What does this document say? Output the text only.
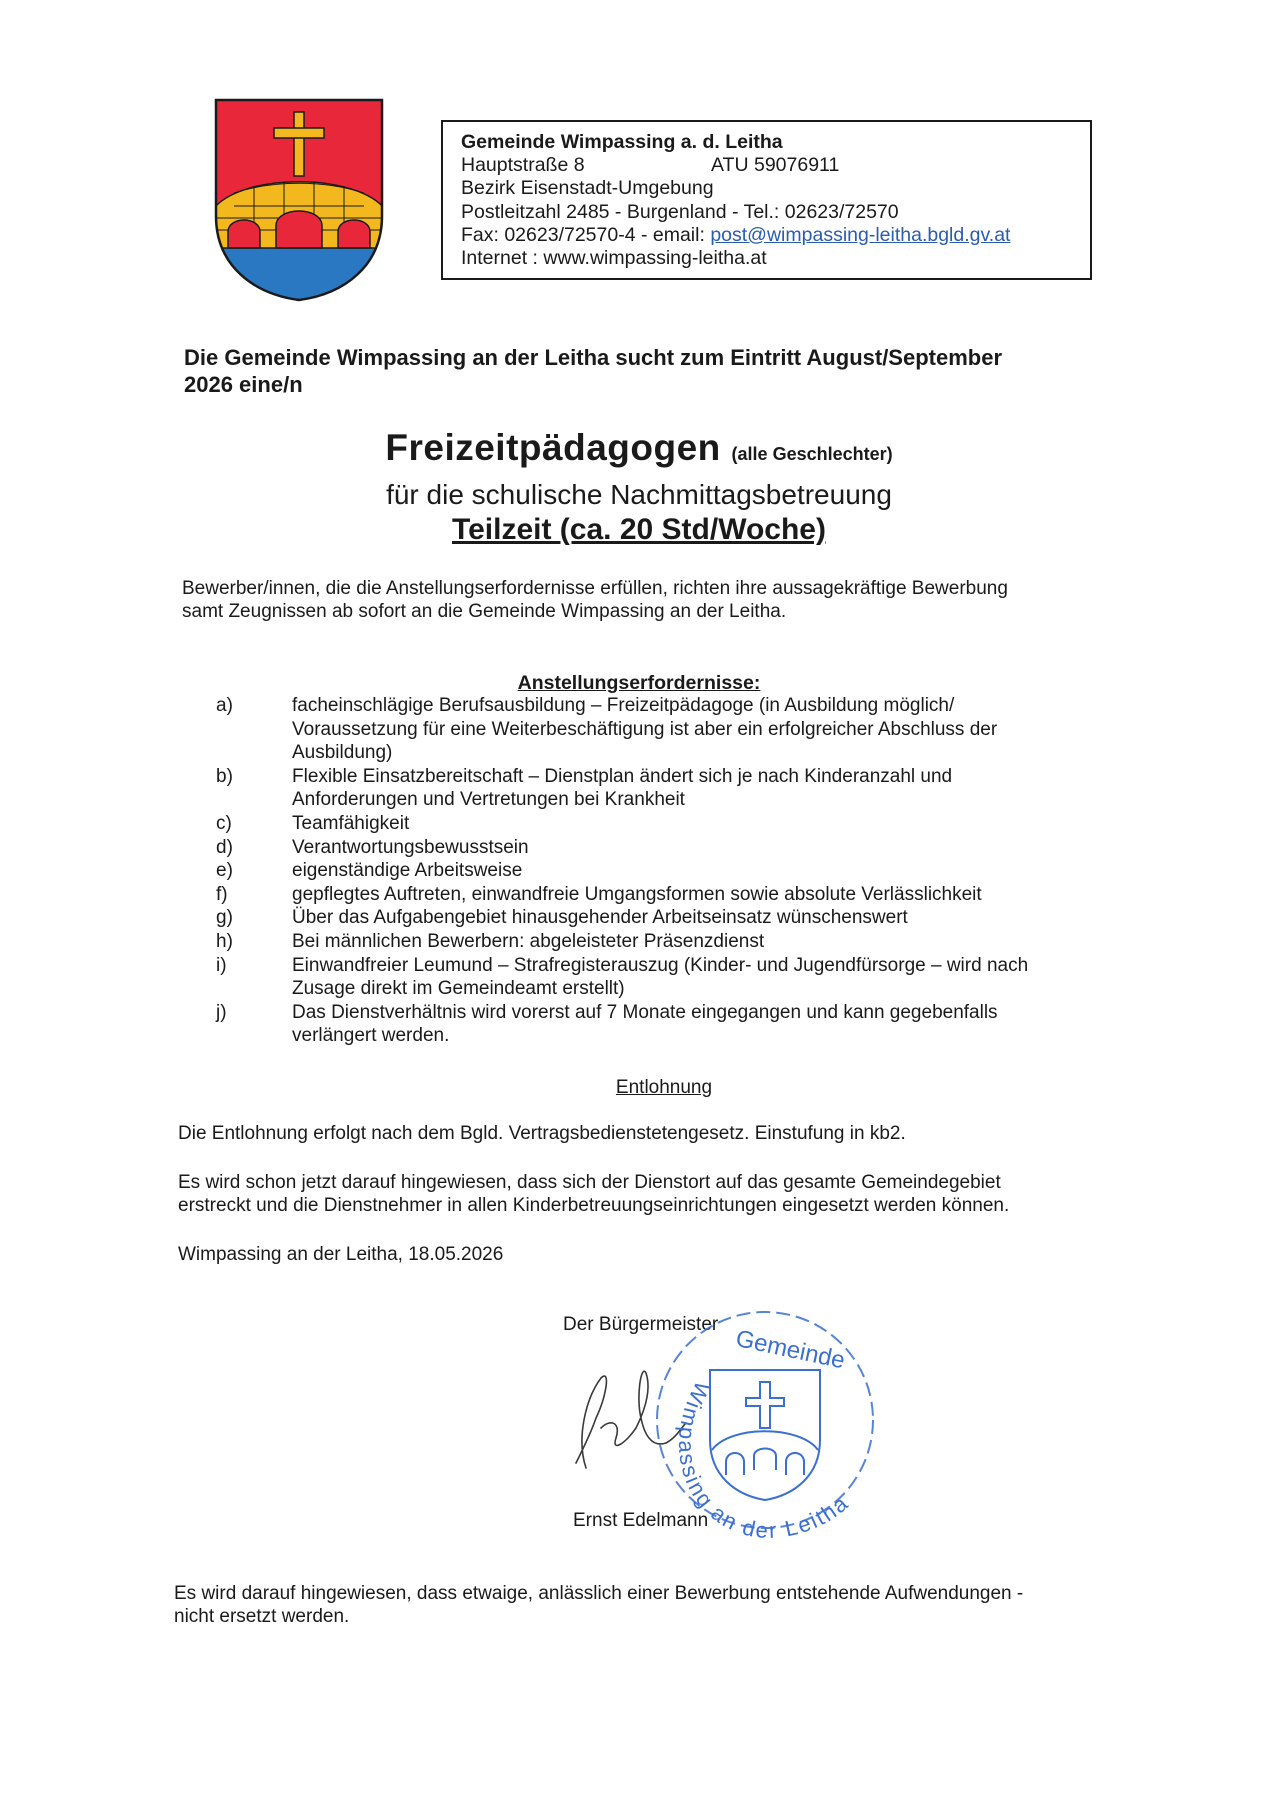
Gemeinde Wimpassing a. d. Leitha
Hauptstraße 8	ATU 59076911
Bezirk Eisenstadt-Umgebung
Postleitzahl 2485 - Burgenland - Tel.: 02623/72570
Fax: 02623/72570-4 - email: post@wimpassing-leitha.bgld.gv.at
Internet : www.wimpassing-leitha.at
Die Gemeinde Wimpassing an der Leitha sucht zum Eintritt August/September
2026 eine/n
Freizeitpädagogen (alle Geschlechter)
für die schulische Nachmittagsbetreuung
Teilzeit (ca. 20 Std/Woche)
Bewerber/innen, die die Anstellungserfordernisse erfüllen, richten ihre aussagekräftige Bewerbung
samt Zeugnissen ab sofort an die Gemeinde Wimpassing an der Leitha.
Anstellungserfordernisse:
a)	facheinschlägige Berufsausbildung – Freizeitpädagoge (in Ausbildung möglich/
Voraussetzung für eine Weiterbeschäftigung ist aber ein erfolgreicher Abschluss der
Ausbildung)
b)	Flexible Einsatzbereitschaft – Dienstplan ändert sich je nach Kinderanzahl und
Anforderungen und Vertretungen bei Krankheit
c)	Teamfähigkeit
d)	Verantwortungsbewusstsein
e)	eigenständige Arbeitsweise
f)	gepflegtes Auftreten, einwandfreie Umgangsformen sowie absolute Verlässlichkeit
g)	Über das Aufgabengebiet hinausgehender Arbeitseinsatz wünschenswert
h)	Bei männlichen Bewerbern: abgeleisteter Präsenzdienst
i)	Einwandfreier Leumund – Strafregisterauszug (Kinder- und Jugendfürsorge – wird nach
Zusage direkt im Gemeindeamt erstellt)
j)	Das Dienstverhältnis wird vorerst auf 7 Monate eingegangen und kann gegebenfalls
verlängert werden.
Entlohnung
Die Entlohnung erfolgt nach dem Bgld. Vertragsbedienstetengesetz. Einstufung in kb2.
Es wird schon jetzt darauf hingewiesen, dass sich der Dienstort auf das gesamte Gemeindegebiet
erstreckt und die Dienstnehmer in allen Kinderbetreuungseinrichtungen eingesetzt werden können.
Wimpassing an der Leitha, 18.05.2026
Der Bürgermeister
Gemeinde
Wimpassing an der Leitha
Ernst Edelmann
Es wird darauf hingewiesen, dass etwaige, anlässlich einer Bewerbung entstehende Aufwendungen -
nicht ersetzt werden.
